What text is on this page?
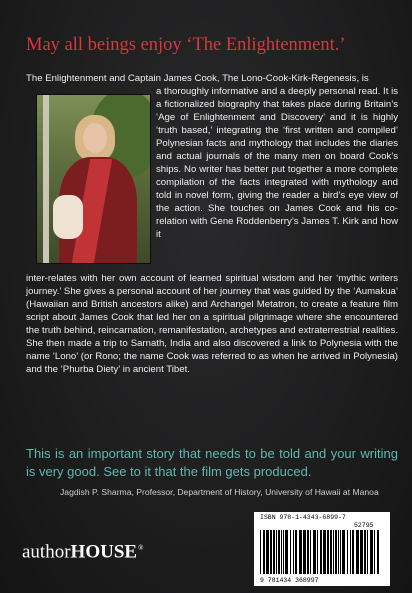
May all beings enjoy ‘The Enlightenment.’
The Enlightenment and Captain James Cook, The Lono-Cook-Kirk-Regenesis, is
a thoroughly informative and a deeply personal read. It is a fictionalized biography that takes place during Britain’s ‘Age of Enlightenment and Discovery’ and it is highly ‘truth based,’ integrating the ‘first written and compiled’ Polynesian facts and mythology that includes the diaries and actual journals of the many men on board Cook’s ships. No writer has better put together a more complete compilation of the facts integrated with mythology and told in novel form, giving the reader a bird’s eye view of the action. She touches on James Cook and his co-relation with Gene Roddenberry’s James T. Kirk and how it
inter-relates with her own account of learned spiritual wisdom and her ‘mythic writers journey.’ She gives a personal account of her journey that was guided by the ‘Aumakua’ (Hawaiian and British ancestors alike) and Archangel Metatron, to create a feature film script about James Cook that led her on a spiritual pilgrimage where she encountered the truth behind, reincarnation, remanifestation, archetypes and extraterrestrial realities. She then made a trip to Sarnath, India and also discovered a link to Polynesia with the name ‘Lono’ (or Rono; the name Cook was referred to as when he arrived in Polynesia) and the ‘Phurba Diety’ in ancient Tibet.
This is an important story that needs to be told and your writing is very good. See to it that the film gets produced.
Jagdish P. Sharma, Professor, Department of History, University of Hawaii at Manoa
authorHOUSE®
ISBN 978-1-4343-6899-7
52795
9 781434 368997
